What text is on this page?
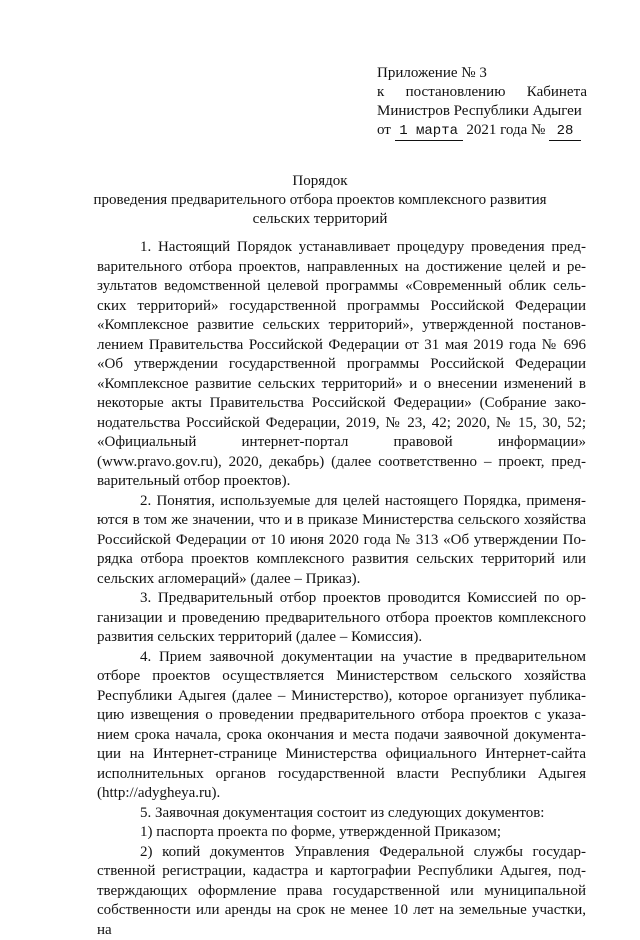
Приложение № 3
к постановлению Кабинета
Министров Республики Адыгеи
от 1 марта 2021 года № 28
Порядок
проведения предварительного отбора проектов комплексного развития
сельских территорий

1. Настоящий Порядок устанавливает процедуру проведения пред-

варительного отбора проектов, направленных на достижение целей и ре-

зультатов ведомственной целевой программы «Современный облик сель-

ских территорий» государственной программы Российской Федерации

«Комплексное развитие сельских территорий», утвержденной постанов-

лением Правительства Российской Федерации от 31 мая 2019 года № 696

«Об утверждении государственной программы Российской Федерации

«Комплексное развитие сельских территорий» и о внесении изменений в

некоторые акты Правительства Российской Федерации» (Собрание зако-

нодательства Российской Федерации, 2019, № 23, 42; 2020, № 15, 30, 52;

«Официальный интернет-портал правовой информации»

(www.pravo.gov.ru), 2020, декабрь) (далее соответственно – проект, пред-

варительный отбор проектов).

2. Понятия, используемые для целей настоящего Порядка, применя-

ются в том же значении, что и в приказе Министерства сельского хозяйства

Российской Федерации от 10 июня 2020 года № 313 «Об утверждении По-

рядка отбора проектов комплексного развития сельских территорий или

сельских агломераций» (далее – Приказ).

3. Предварительный отбор проектов проводится Комиссией по ор-

ганизации и проведению предварительного отбора проектов комплексного

развития сельских территорий (далее – Комиссия).

4. Прием заявочной документации на участие в предварительном

отборе проектов осуществляется Министерством сельского хозяйства

Республики Адыгея (далее – Министерство), которое организует публика-

цию извещения о проведении предварительного отбора проектов с указа-

нием срока начала, срока окончания и места подачи заявочной документа-

ции на Интернет-странице Министерства официального Интернет-сайта

исполнительных органов государственной власти Республики Адыгея

(http://adygheya.ru).

5. Заявочная документация состоит из следующих документов:

1) паспорта проекта по форме, утвержденной Приказом;

2) копий документов Управления Федеральной службы государ-

ственной регистрации, кадастра и картографии Республики Адыгея, под-

тверждающих оформление права государственной или муниципальной

собственности или аренды на срок не менее 10 лет на земельные участки, на
